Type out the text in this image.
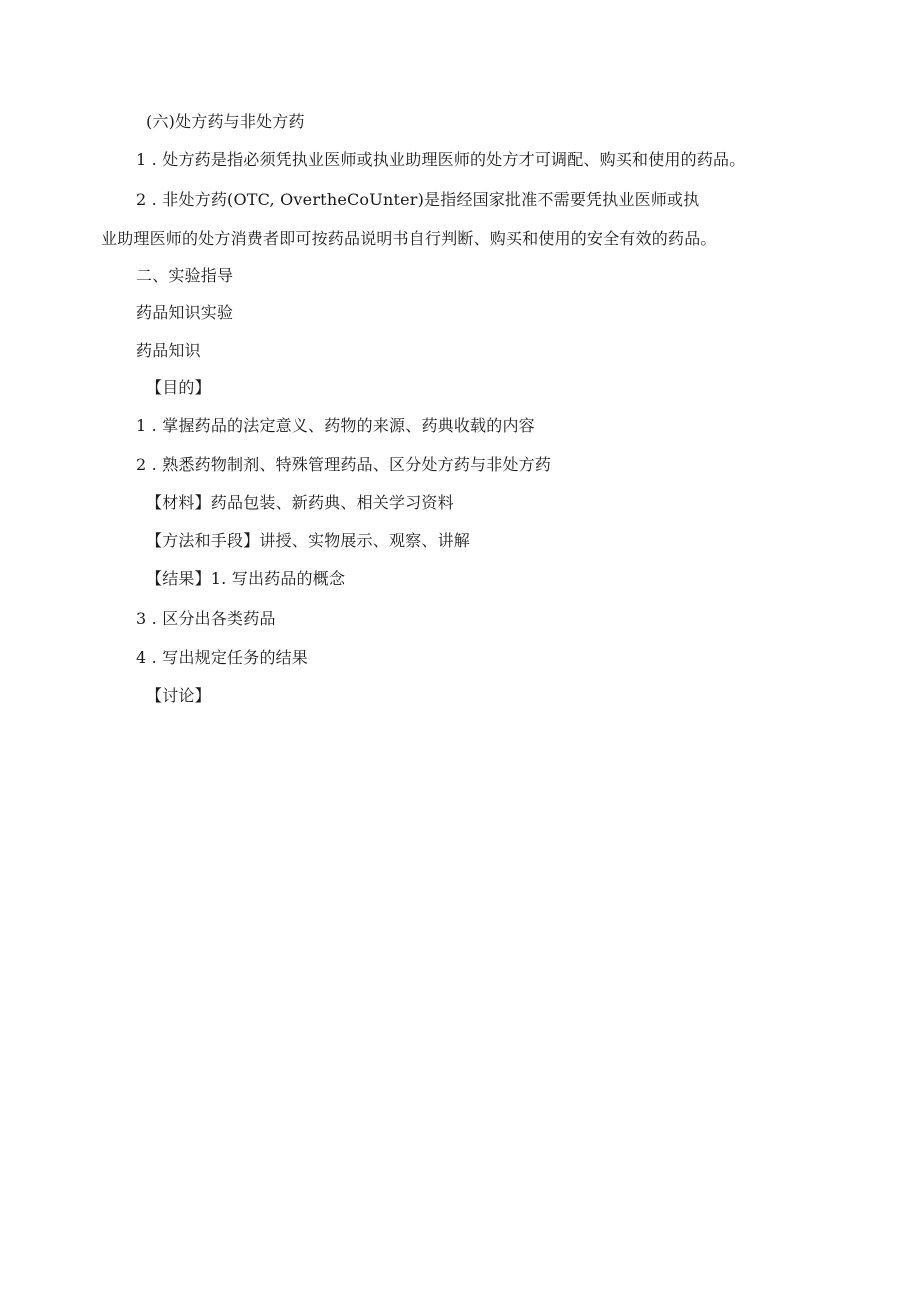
(六)处方药与非处方药
1 . 处方药是指必须凭执业医师或执业助理医师的处方才可调配、购买和使用的药品。
2 . 非处方药(OTC, OvertheCoUnter)是指经国家批准不需要凭执业医师或执
业助理医师的处方消费者即可按药品说明书自行判断、购买和使用的安全有效的药品。
二、实验指导
药品知识实验
药品知识
【目的】
1 . 掌握药品的法定意义、药物的来源、药典收载的内容
2 . 熟悉药物制剂、特殊管理药品、区分处方药与非处方药
【材料】药品包装、新药典、相关学习资料
【方法和手段】讲授、实物展示、观察、讲解
【结果】1. 写出药品的概念
3 . 区分出各类药品
4 . 写出规定任务的结果
【讨论】
